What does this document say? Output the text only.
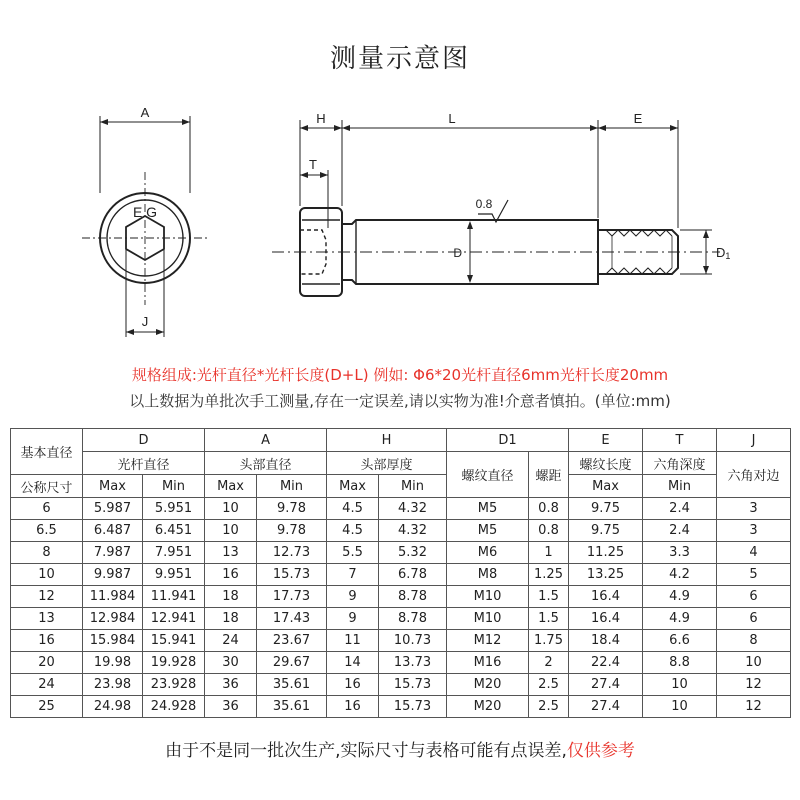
测量示意图
A
E G
J
H	L	E
T
0.8
D	D1
规格组成:光杆直径*光杆长度(D+L) 例如: Φ6*20光杆直径6mm光杆长度20mm
以上数据为单批次手工测量,存在一定误差,请以实物为准!介意者慎拍。(单位:mm)
基本直径	D		A		H		D1		E	T	J
	光杆直径		头部直径		头部厚度		螺纹直径	螺距	螺纹长度	六角深度	六角对边
公称尺寸	Max	Min	Max	Min	Max	Min			Max	Min	
6	5.987	5.951	10	9.78	4.5	4.32	M5	0.8	9.75	2.4	3
6.5	6.487	6.451	10	9.78	4.5	4.32	M5	0.8	9.75	2.4	3
8	7.987	7.951	13	12.73	5.5	5.32	M6	1	11.25	3.3	4
10	9.987	9.951	16	15.73	7	6.78	M8	1.25	13.25	4.2	5
12	11.984	11.941	18	17.73	9	8.78	M10	1.5	16.4	4.9	6
13	12.984	12.941	18	17.43	9	8.78	M10	1.5	16.4	4.9	6
16	15.984	15.941	24	23.67	11	10.73	M12	1.75	18.4	6.6	8
20	19.98	19.928	30	29.67	14	13.73	M16	2	22.4	8.8	10
24	23.98	23.928	36	35.61	16	15.73	M20	2.5	27.4	10	12
25	24.98	24.928	36	35.61	16	15.73	M20	2.5	27.4	10	12
由于不是同一批次生产,实际尺寸与表格可能有点误差,仅供参考
